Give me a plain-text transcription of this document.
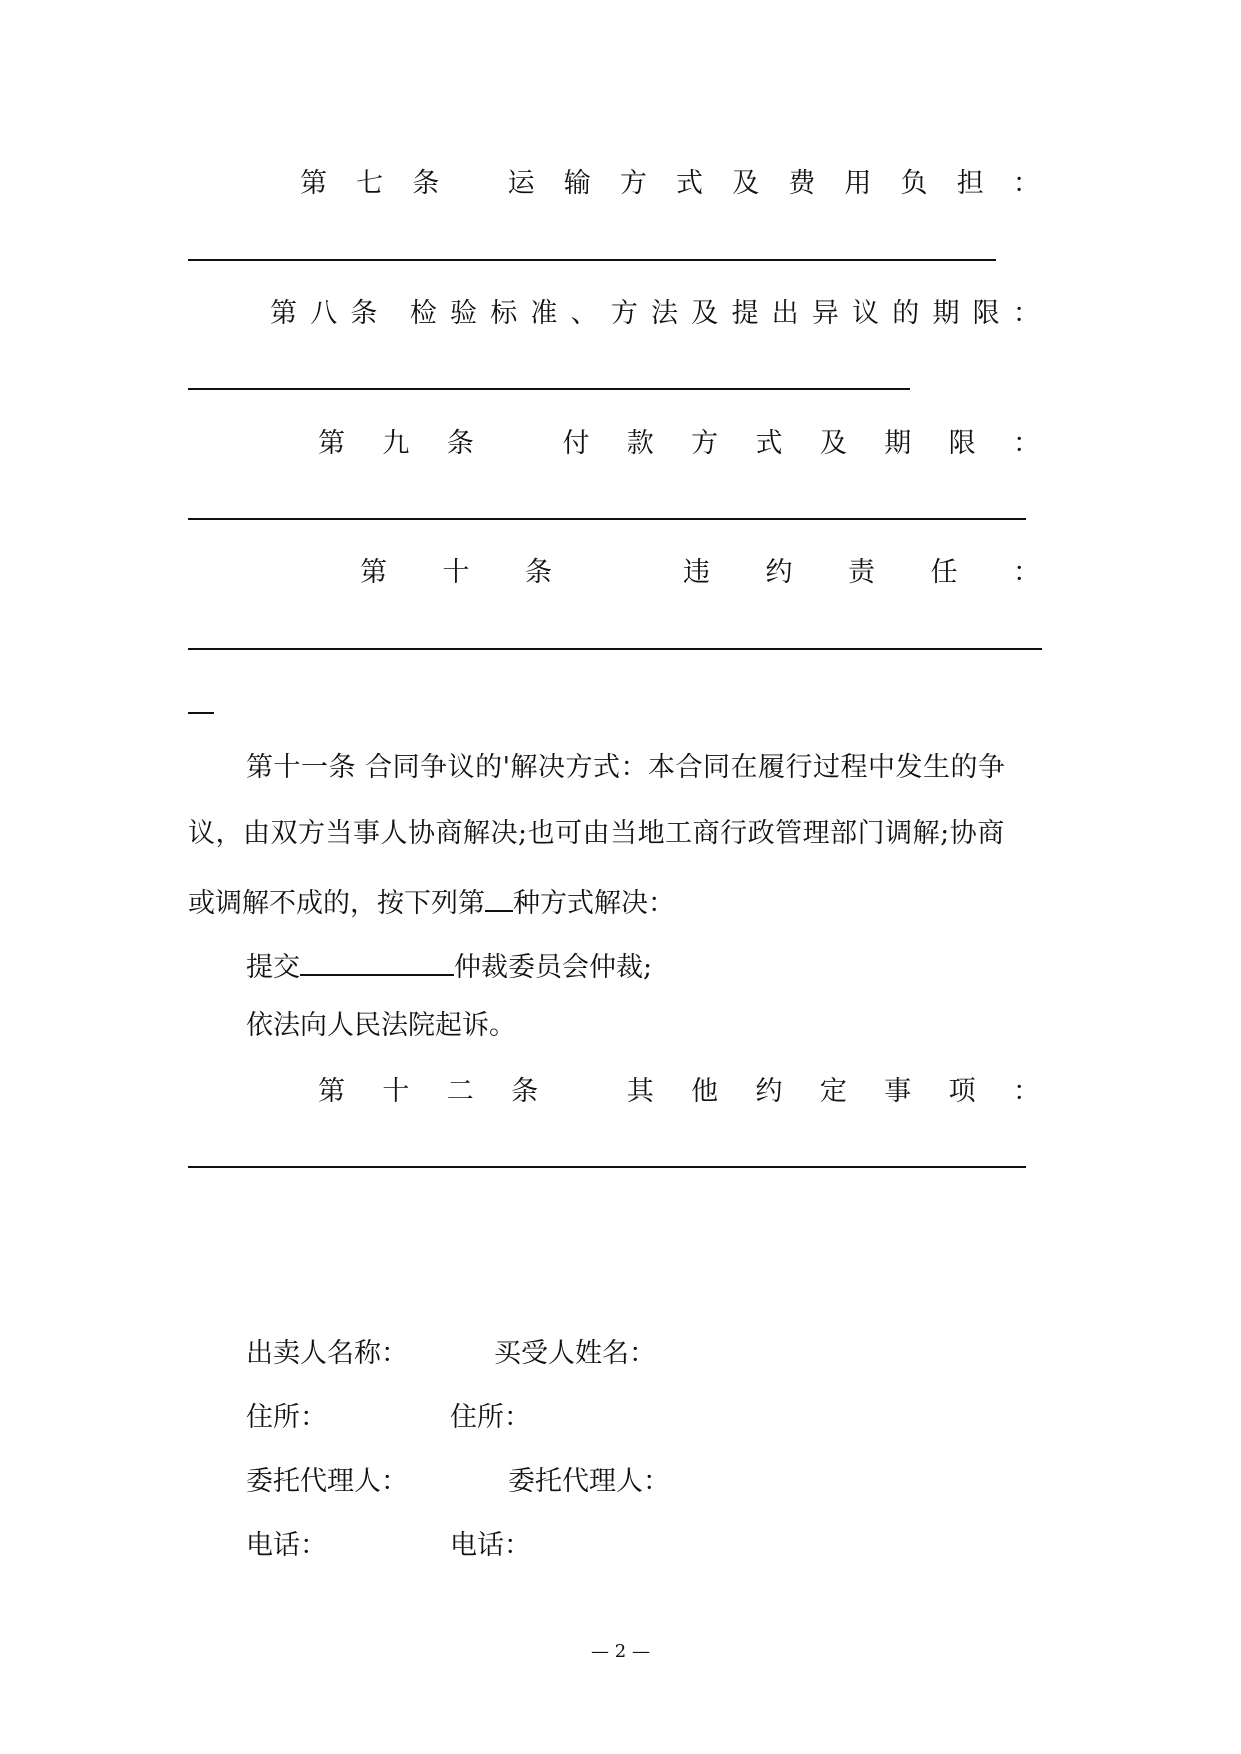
第 七 条	运 输 方 式 及 费 用 负 担 ：
第 八 条 检 验 标 准 、 方 法 及 提 出 异 议 的 期 限 ：
第 九 条	付 款 方 式 及 期 限 ：
第 十 条	违 约 责 任 ：
第十一条 合同争议的'解决方式：本合同在履行过程中发生的争
议，由双方当事人协商解决;也可由当地工商行政管理部门调解;协商
或调解不成的，按下列第 种方式解决：
提交	仲裁委员会仲裁;
依法向人民法院起诉。
第 十 二 条	其 他 约 定 事 项 ：
出卖人名称：	买受人姓名：
住所：	住所：
委托代理人：	委托代理人：
电话：	电话：
— 2 —
